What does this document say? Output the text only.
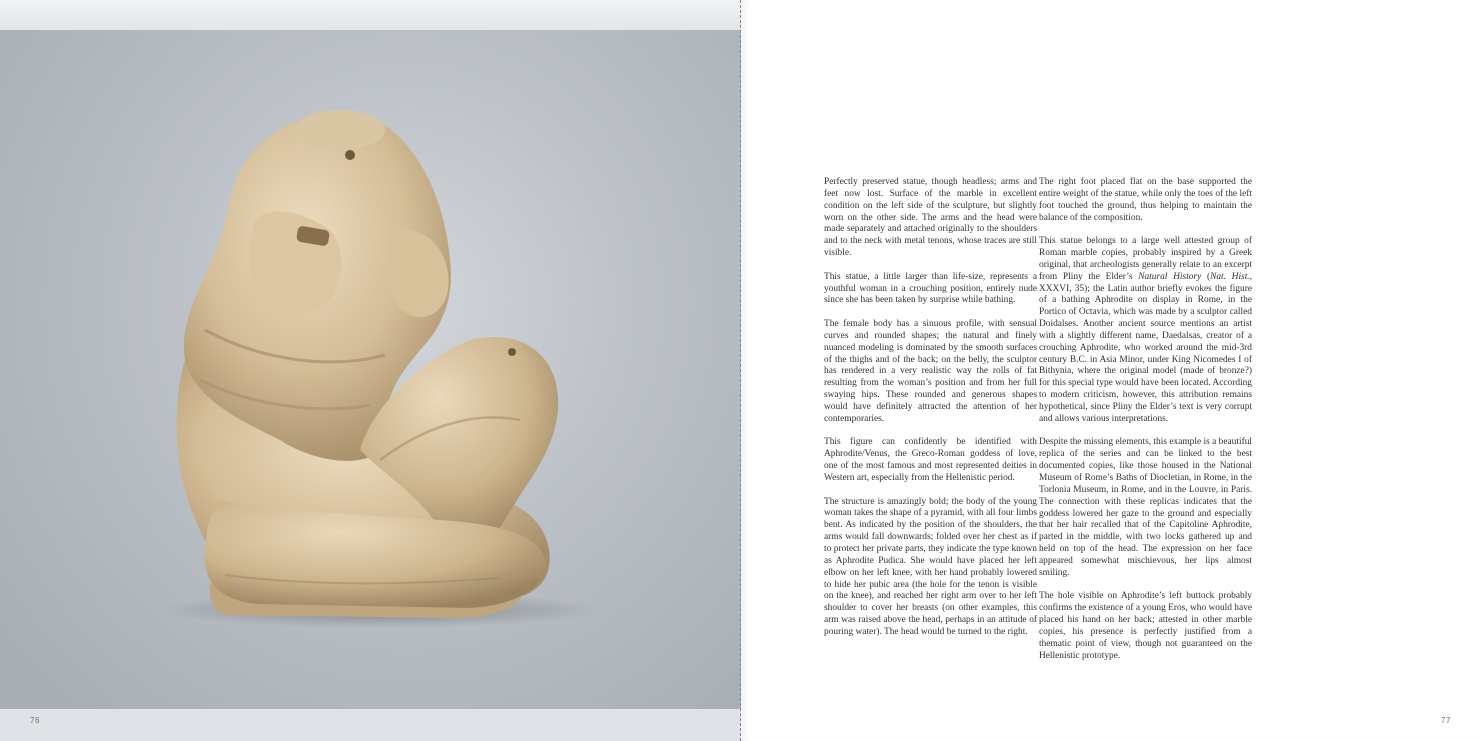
76

Perfectly preserved statue, though headless; arms and feet now lost. Surface of the marble in excellent condition on the left side of the sculpture, but slightly worn on the other side. The arms and the head were made separately and attached originally to the shoulders and to the neck with metal tenons, whose traces are still visible.

This statue, a little larger than life-size, represents a youthful woman in a crouching position, entirely nude since she has been taken by surprise while bathing.

The female body has a sinuous profile, with sensual curves and rounded shapes; the natural and finely nuanced modeling is dominated by the smooth surfaces of the thighs and of the back; on the belly, the sculptor has rendered in a very realistic way the rolls of fat resulting from the woman’s position and from her full swaying hips. These rounded and generous shapes would have definitely attracted the attention of her contemporaries.

This figure can confidently be identified with Aphrodite/Venus, the Greco-Roman goddess of love, one of the most famous and most represented deities in Western art, especially from the Hellenistic period.

The structure is amazingly bold; the body of the young woman takes the shape of a pyramid, with all four limbs bent. As indicated by the position of the shoulders, the arms would fall downwards; folded over her chest as if to protect her private parts, they indicate the type known as Aphrodite Pudica. She would have placed her left elbow on her left knee, with her hand probably lowered to hide her pubic area (the hole for the tenon is visible on the knee), and reached her right arm over to her left shoulder to cover her breasts (on other examples, this arm was raised above the head, perhaps in an attitude of pouring water). The head would be turned to the right.

The right foot placed flat on the base supported the entire weight of the statue, while only the toes of the left foot touched the ground, thus helping to maintain the balance of the composition.

This statue belongs to a large well attested group of Roman marble copies, probably inspired by a Greek original, that archeologists generally relate to an excerpt from Pliny the Elder’s Natural History (Nat. Hist., XXXVI, 35); the Latin author briefly evokes the figure of a bathing Aphrodite on display in Rome, in the Portico of Octavia, which was made by a sculptor called Doidalses. Another ancient source mentions an artist with a slightly different name, Daedalsas, creator of a crouching Aphrodite, who worked around the mid-3rd century B.C. in Asia Minor, under King Nicomedes I of Bithynia, where the original model (made of bronze?) for this special type would have been located. According to modern criticism, however, this attribution remains hypothetical, since Pliny the Elder’s text is very corrupt and allows various interpretations.

Despite the missing elements, this example is a beautiful replica of the series and can be linked to the best documented copies, like those housed in the National Museum of Rome’s Baths of Diocletian, in Rome, in the Torlonia Museum, in Rome, and in the Louvre, in Paris. The connection with these replicas indicates that the goddess lowered her gaze to the ground and especially that her hair recalled that of the Capitoline Aphrodite, parted in the middle, with two locks gathered up and held on top of the head. The expression on her face appeared somewhat mischievous, her lips almost smiling.

The hole visible on Aphrodite’s left buttock probably confirms the existence of a young Eros, who would have placed his hand on her back; attested in other marble copies, his presence is perfectly justified from a thematic point of view, though not guaranteed on the Hellenistic prototype.

77
